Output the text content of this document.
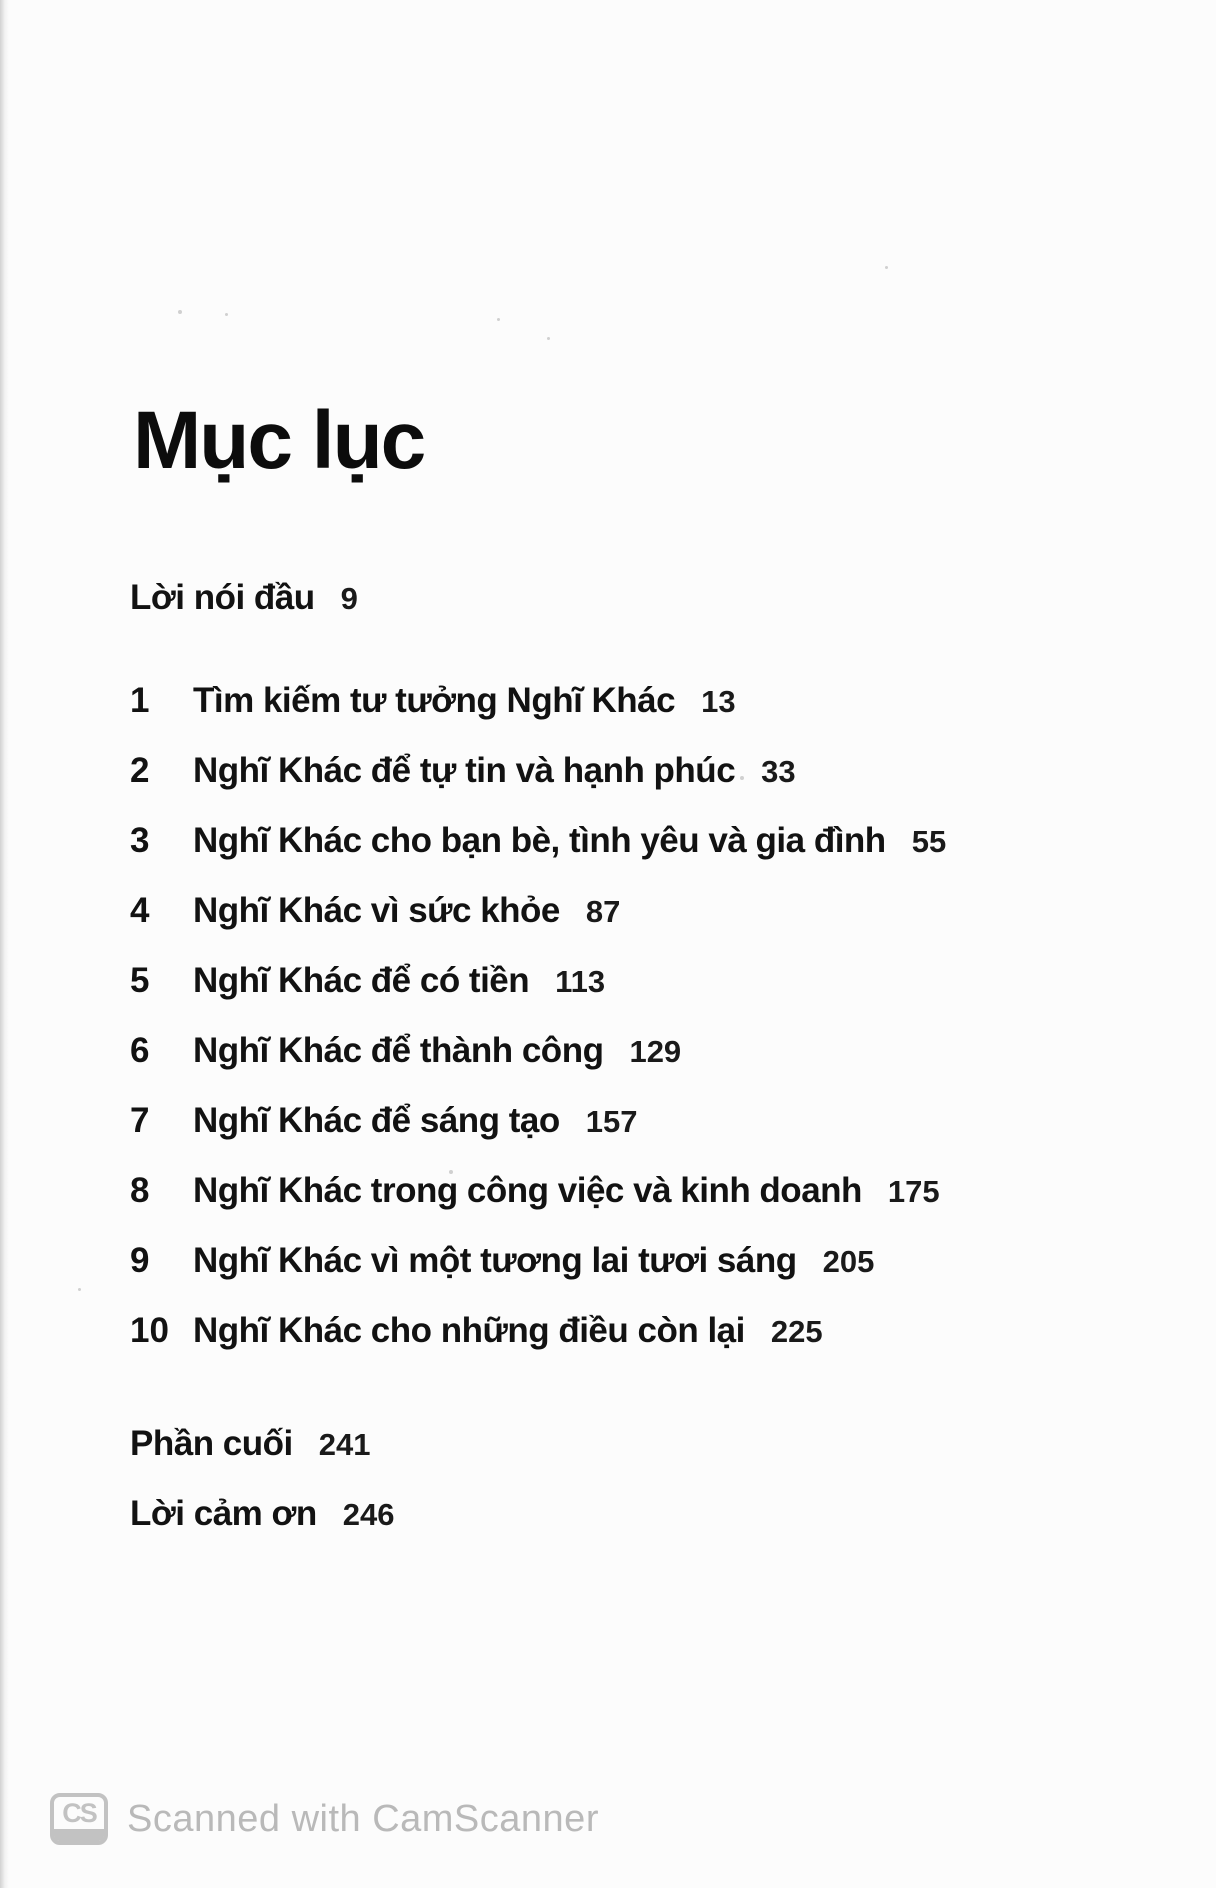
Mục lục
Lời nói đầu 9
1	Tìm kiếm tư tưởng Nghĩ Khác 13
2	Nghĩ Khác để tự tin và hạnh phúc 33
3	Nghĩ Khác cho bạn bè, tình yêu và gia đình 55
4	Nghĩ Khác vì sức khỏe 87
5	Nghĩ Khác để có tiền 113
6	Nghĩ Khác để thành công 129
7	Nghĩ Khác để sáng tạo 157
8	Nghĩ Khác trong công việc và kinh doanh 175
9	Nghĩ Khác vì một tương lai tươi sáng 205
10 Nghĩ Khác cho những điều còn lại 225
Phần cuối 241
Lời cảm ơn 246
CS Scanned with CamScanner
